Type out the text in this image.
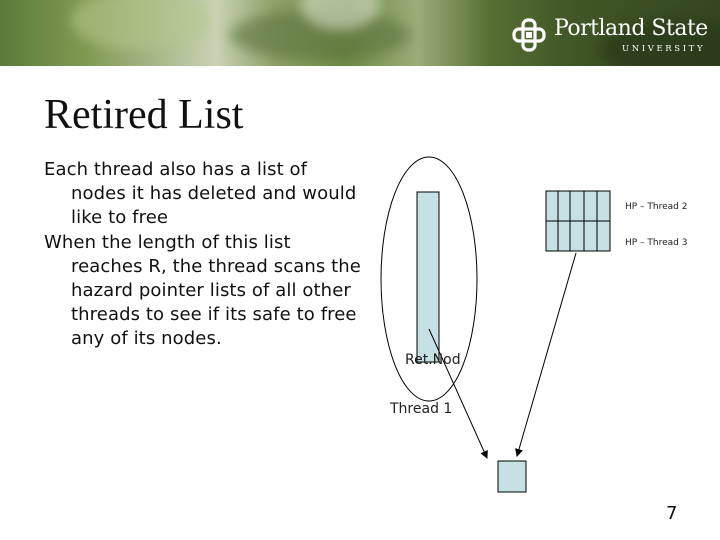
Portland State
UNIVERSITY
Retired List

Each thread also has a list of nodes it has deleted and would like to free

When the length of this list reaches R, the thread scans the hazard pointer lists of all other threads to see if its safe to free any of its nodes.

HP – Thread 2
HP – Thread 3
Ret.Nod
Thread 1
7
